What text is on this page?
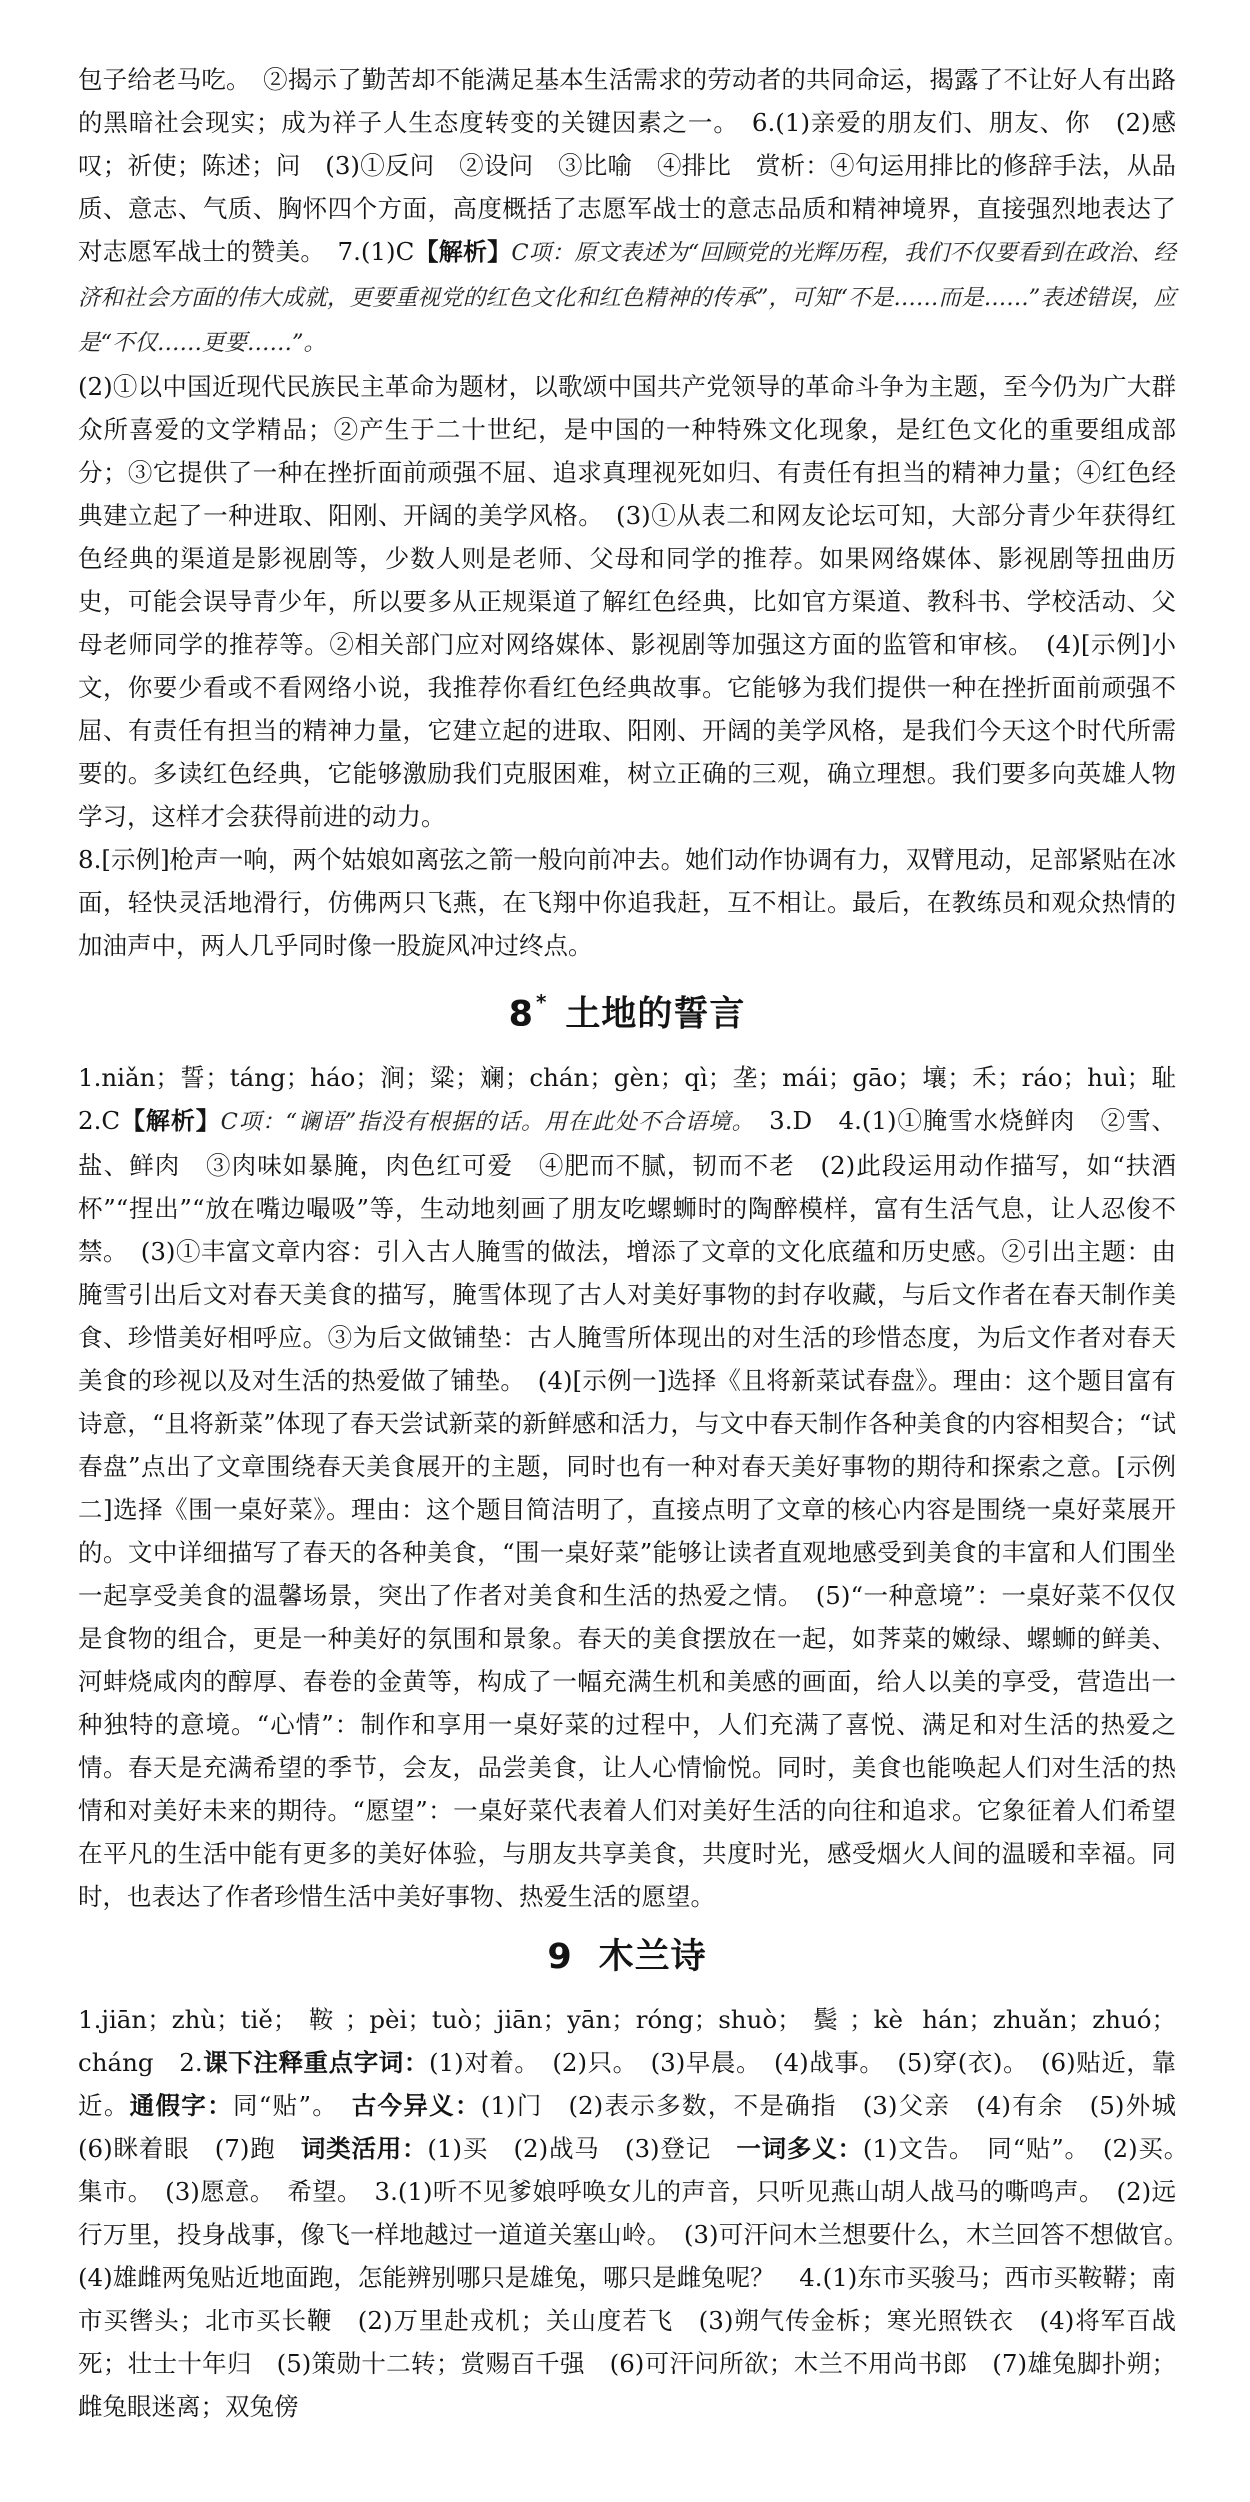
包子给老马吃。　②揭示了勤苦却不能满足基本生活需求的劳动者的共同命运，揭露了不让好人有出路的黑暗社会现实；成为祥子人生态度转变的关键因素之一。　6.(1)亲爱的朋友们、朋友、你　(2)感叹；祈使；陈述；问　(3)①反问　②设问　③比喻　④排比　赏析：④句运用排比的修辞手法，从品质、意志、气质、胸怀四个方面，高度概括了志愿军战士的意志品质和精神境界，直接强烈地表达了对志愿军战士的赞美。　7.(1)C【解析】C项：原文表述为“回顾党的光辉历程，我们不仅要看到在政治、经济和社会方面的伟大成就，更要重视党的红色文化和红色精神的传承”，可知“不是……而是……”表述错误，应是“不仅……更要……”。

(2)①以中国近现代民族民主革命为题材，以歌颂中国共产党领导的革命斗争为主题，至今仍为广大群众所喜爱的文学精品；②产生于二十世纪，是中国的一种特殊文化现象，是红色文化的重要组成部分；③它提供了一种在挫折面前顽强不屈、追求真理视死如归、有责任有担当的精神力量；④红色经典建立起了一种进取、阳刚、开阔的美学风格。　(3)①从表二和网友论坛可知，大部分青少年获得红色经典的渠道是影视剧等，少数人则是老师、父母和同学的推荐。如果网络媒体、影视剧等扭曲历史，可能会误导青少年，所以要多从正规渠道了解红色经典，比如官方渠道、教科书、学校活动、父母老师同学的推荐等。②相关部门应对网络媒体、影视剧等加强这方面的监管和审核。　(4)[示例]小文，你要少看或不看网络小说，我推荐你看红色经典故事。它能够为我们提供一种在挫折面前顽强不屈、有责任有担当的精神力量，它建立起的进取、阳刚、开阔的美学风格，是我们今天这个时代所需要的。多读红色经典，它能够激励我们克服困难，树立正确的三观，确立理想。我们要多向英雄人物学习，这样才会获得前进的动力。

8.[示例]枪声一响，两个姑娘如离弦之箭一般向前冲去。她们动作协调有力，双臂甩动，足部紧贴在冰面，轻快灵活地滑行，仿佛两只飞燕，在飞翔中你追我赶，互不相让。最后，在教练员和观众热情的加油声中，两人几乎同时像一股旋风冲过终点。

8 * 土地的誓言

1.niǎn；誓；táng；háo；涧；粱；斓；chán；gèn；qì；垄；mái；gāo；壤；禾；ráo；huì；耻　2.C【解析】C项：“谰语”指没有根据的话。用在此处不合语境。　3.D　4.(1)①腌雪水烧鲜肉　②雪、盐、鲜肉　③肉味如暴腌，肉色红可爱　④肥而不腻，韧而不老　(2)此段运用动作描写，如“扶酒杯”“捏出”“放在嘴边嘬吸”等，生动地刻画了朋友吃螺蛳时的陶醉模样，富有生活气息，让人忍俊不禁。　(3)①丰富文章内容：引入古人腌雪的做法，增添了文章的文化底蕴和历史感。②引出主题：由腌雪引出后文对春天美食的描写，腌雪体现了古人对美好事物的封存收藏，与后文作者在春天制作美食、珍惜美好相呼应。③为后文做铺垫：古人腌雪所体现出的对生活的珍惜态度，为后文作者对春天美食的珍视以及对生活的热爱做了铺垫。　(4)[示例一]选择《且将新菜试春盘》。理由：这个题目富有诗意，“且将新菜”体现了春天尝试新菜的新鲜感和活力，与文中春天制作各种美食的内容相契合；“试春盘”点出了文章围绕春天美食展开的主题，同时也有一种对春天美好事物的期待和探索之意。[示例二]选择《围一桌好菜》。理由：这个题目简洁明了，直接点明了文章的核心内容是围绕一桌好菜展开的。文中详细描写了春天的各种美食，“围一桌好菜”能够让读者直观地感受到美食的丰富和人们围坐一起享受美食的温馨场景，突出了作者对美食和生活的热爱之情。　(5)“一种意境”：一桌好菜不仅仅是食物的组合，更是一种美好的氛围和景象。春天的美食摆放在一起，如荠菜的嫩绿、螺蛳的鲜美、河蚌烧咸肉的醇厚、春卷的金黄等，构成了一幅充满生机和美感的画面，给人以美的享受，营造出一种独特的意境。“心情”：制作和享用一桌好菜的过程中，人们充满了喜悦、满足和对生活的热爱之情。春天是充满希望的季节，会友，品尝美食，让人心情愉悦。同时，美食也能唤起人们对生活的热情和对美好未来的期待。“愿望”：一桌好菜代表着人们对美好生活的向往和追求。它象征着人们希望在平凡的生活中能有更多的美好体验，与朋友共享美食，共度时光，感受烟火人间的温暖和幸福。同时，也表达了作者珍惜生活中美好事物、热爱生活的愿望。

9 木兰诗

1.jiān；zhù；tiě；鞍；pèi；tuò；jiān；yān；róng；shuò；鬓；kè hán；zhuǎn；zhuó；cháng　2.课下注释重点字词：(1)对着。　(2)只。　(3)早晨。　(4)战事。　(5)穿(衣)。　(6)贴近，靠近。通假字：同“贴”。　古今异义：(1)门　(2)表示多数，不是确指　(3)父亲　(4)有余　(5)外城　(6)眯着眼　(7)跑　词类活用：(1)买　(2)战马　(3)登记　一词多义：(1)文告。　同“贴”。　(2)买。　集市。　(3)愿意。　希望。　3.(1)听不见爹娘呼唤女儿的声音，只听见燕山胡人战马的嘶鸣声。　(2)远行万里，投身战事，像飞一样地越过一道道关塞山岭。　(3)可汗问木兰想要什么，木兰回答不想做官。　(4)雄雌两兔贴近地面跑，怎能辨别哪只是雄兔，哪只是雌兔呢？　4.(1)东市买骏马；西市买鞍鞯；南市买辔头；北市买长鞭　(2)万里赴戎机；关山度若飞　(3)朔气传金柝；寒光照铁衣　(4)将军百战死；壮士十年归　(5)策勋十二转；赏赐百千强　(6)可汗问所欲；木兰不用尚书郎　(7)雄兔脚扑朔；雌兔眼迷离；双兔傍
